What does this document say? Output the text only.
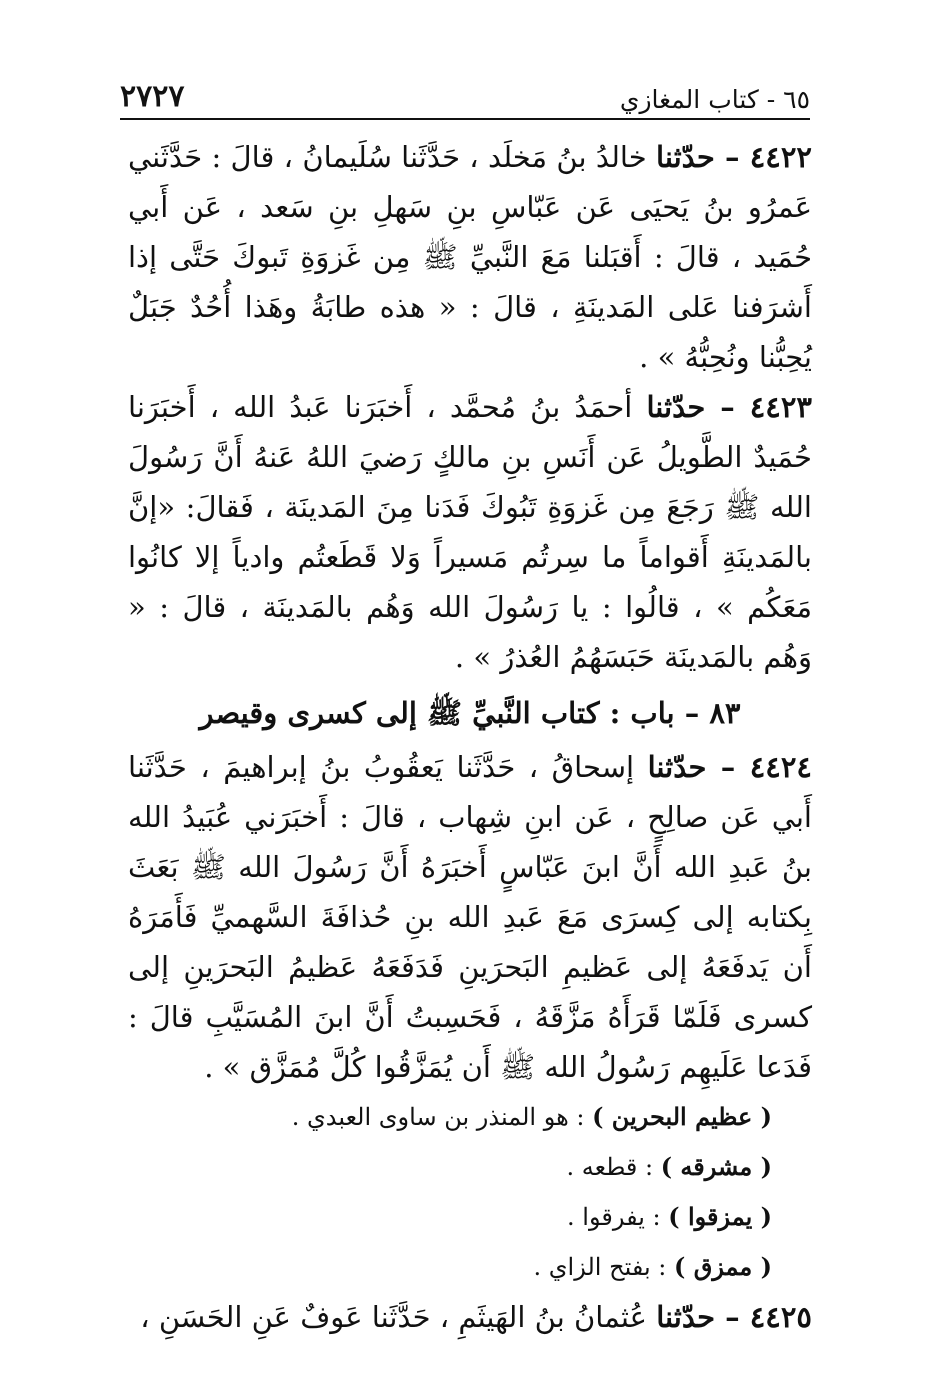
٢٧٢٧	٦٥ - كتاب المغازي

٤٤٢٢ – حدّثنا خالدُ بنُ مَخلَد ، حَدَّثَنا سُلَيمانُ ، قالَ : حَدَّثَني عَمرُو بنُ يَحيَى عَن عَبّاسِ بنِ سَهلِ بنِ سَعد ، عَن أَبي حُمَيد ، قالَ : أَقبَلنا مَعَ النَّبيِّ ﷺ مِن غَزوَةِ تَبوكَ حَتَّى إذا أَشرَفنا عَلى المَدينَةِ ، قالَ : « هذه طابَةُ وهَذا أُحُدٌ جَبَلٌ يُحِبُّنا ونُحِبُّهُ » .

٤٤٢٣ – حدّثنا أحمَدُ بنُ مُحمَّد ، أَخبَرَنا عَبدُ الله ، أَخبَرَنا حُمَيدٌ الطَّويلُ عَن أَنَسِ بنِ مالكٍ رَضيَ اللهُ عَنهُ أَنَّ رَسُولَ الله ﷺ رَجَعَ مِن غَزوَةِ تَبُوكَ فَدَنا مِنَ المَدينَة ، فَقالَ: «إنَّ بالمَدينَةِ أَقواماً ما سِرتُم مَسيراً وَلا قَطَعتُم وادياً إلا كانُوا مَعَكُم » ، قالُوا : يا رَسُولَ الله وَهُم بالمَدينَة ، قالَ : « وَهُم بالمَدينَة حَبَسَهُمُ العُذرُ » .

٨٣ – باب : كتاب النَّبيِّ ﷺ إلى كسرى وقيصر

٤٤٢٤ – حدّثنا إسحاقُ ، حَدَّثَنا يَعقُوبُ بنُ إبراهيمَ ، حَدَّثَنا أَبي عَن صالِحٍ ، عَن ابنِ شِهاب ، قالَ : أَخبَرَني عُبَيدُ الله بنُ عَبدِ الله أَنَّ ابنَ عَبّاسٍ أَخبَرَهُ أَنَّ رَسُولَ الله ﷺ بَعَثَ بِكتابه إلى كِسرَى مَعَ عَبدِ الله بنِ حُذافَةَ السَّهميِّ فَأَمَرَهُ أَن يَدفَعَهُ إلى عَظيمِ البَحرَينِ فَدَفَعَهُ عَظيمُ البَحرَينِ إلى كسرى فَلَمّا قَرَأَهُ مَزَّقَهُ ، فَحَسِبتُ أَنَّ ابنَ المُسَيَّبِ قالَ : فَدَعا عَلَيهِم رَسُولُ الله ﷺ أَن يُمَزَّقُوا كُلَّ مُمَزَّق » .

( عظيم البحرين ) : هو المنذر بن ساوى العبدي .

( مشرقه ) : قطعه .

( يمزقوا ) : يفرقوا .

( ممزق ) : بفتح الزاي .

٤٤٢٥ – حدّثنا عُثمانُ بنُ الهَيثَمِ ، حَدَّثَنا عَوفٌ عَنِ الحَسَنِ ،
